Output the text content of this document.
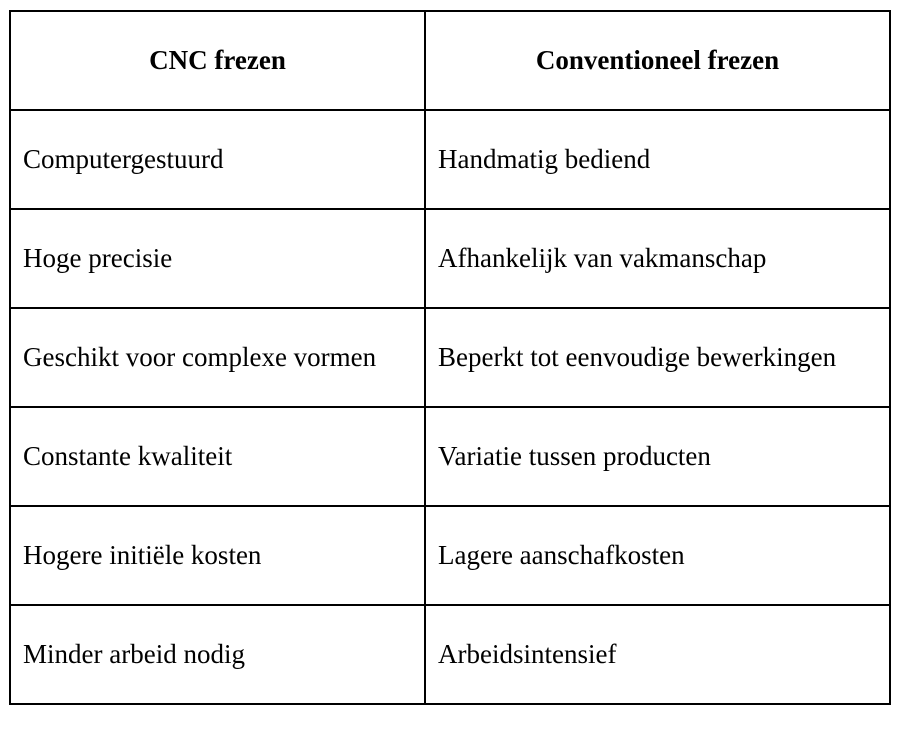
CNC frezen	Conventioneel frezen
Computergestuurd	Handmatig bediend
Hoge precisie	Afhankelijk van vakmanschap
Geschikt voor complexe vormen	Beperkt tot eenvoudige bewerkingen
Constante kwaliteit	Variatie tussen producten
Hogere initiële kosten	Lagere aanschafkosten
Minder arbeid nodig	Arbeidsintensief
